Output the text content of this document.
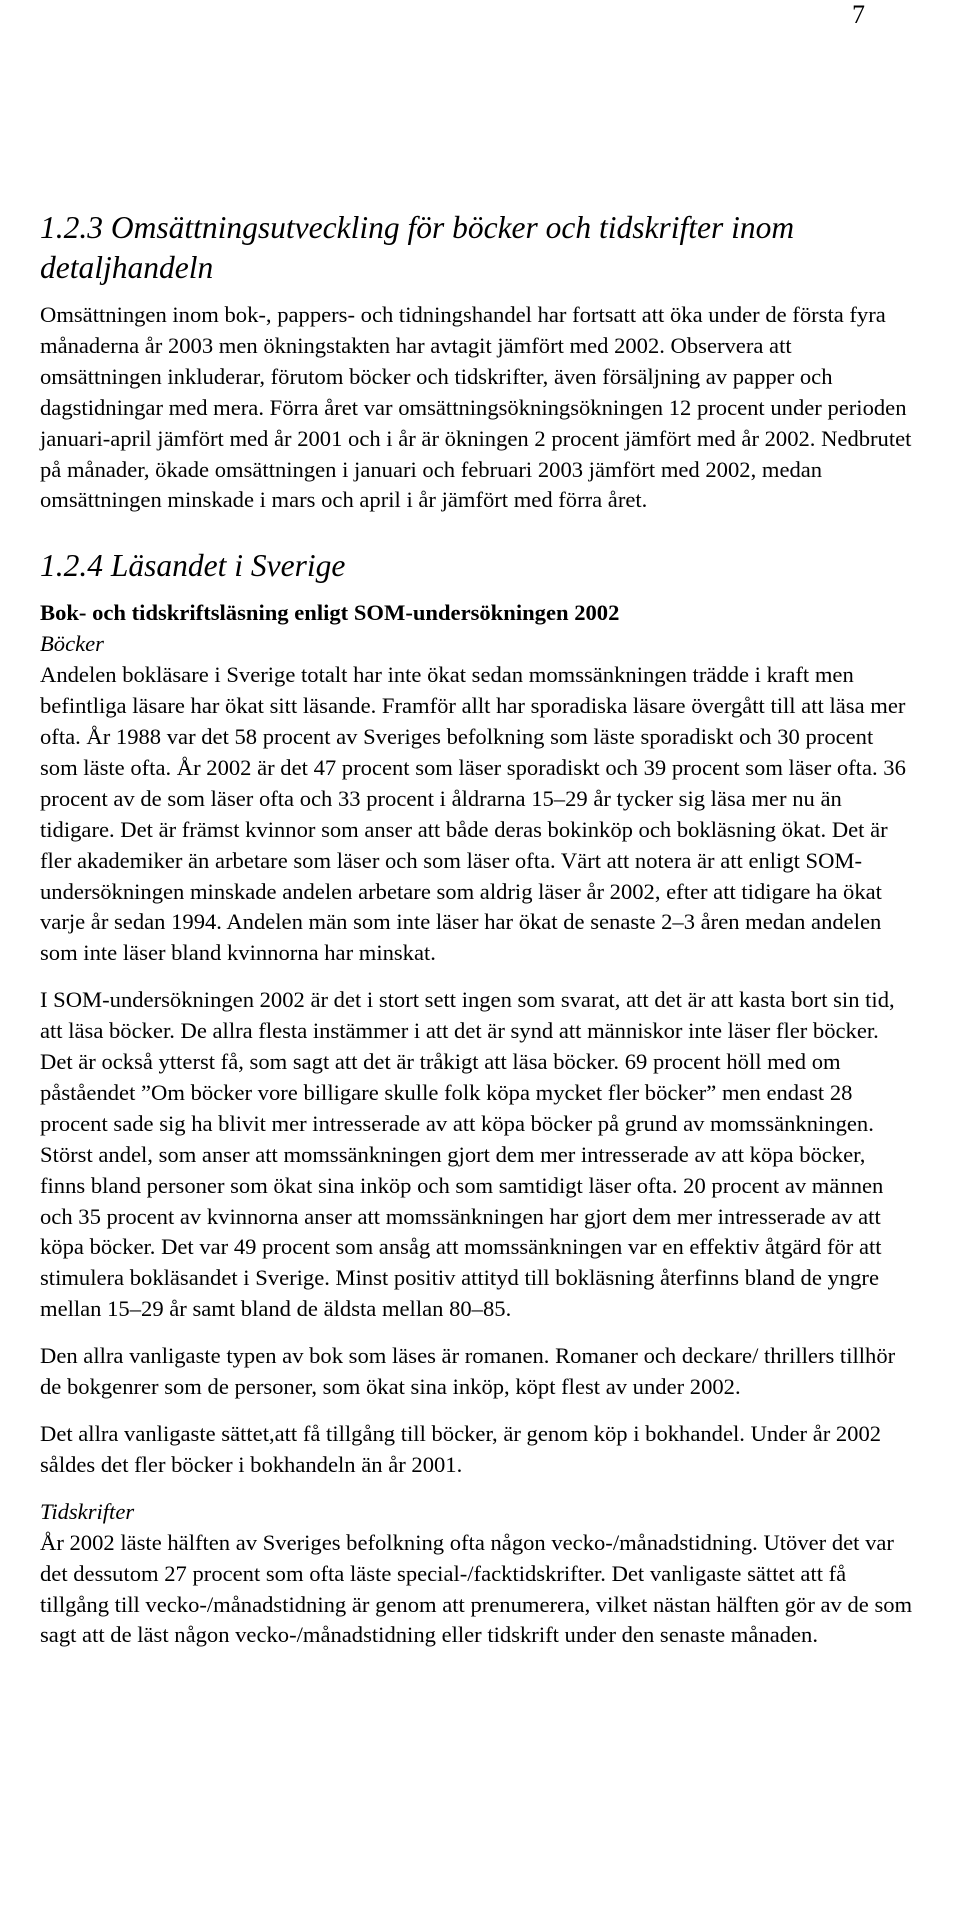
7
1.2.3 Omsättningsutveckling för böcker och tidskrifter inom detaljhandeln

Omsättningen inom bok-, pappers- och tidningshandel har fortsatt att öka under de första fyra månaderna år 2003 men ökningstakten har avtagit jämfört med 2002. Observera att omsättningen inkluderar, förutom böcker och tidskrifter, även försäljning av papper och dagstidningar med mera. Förra året var omsättningsökningsökningen 12 procent under perioden januari-april jämfört med år 2001 och i år är ökningen 2 procent jämfört med år 2002. Nedbrutet på månader, ökade omsättningen i januari och februari 2003 jämfört med 2002, medan omsättningen minskade i mars och april i år jämfört med förra året.

1.2.4 Läsandet i Sverige
Bok- och tidskriftsläsning enligt SOM-undersökningen 2002
Böcker

Andelen bokläsare i Sverige totalt har inte ökat sedan momssänkningen trädde i kraft men befintliga läsare har ökat sitt läsande. Framför allt har sporadiska läsare övergått till att läsa mer ofta. År 1988 var det 58 procent av Sveriges befolkning som läste sporadiskt och 30 procent som läste ofta. År 2002 är det 47 procent som läser sporadiskt och 39 procent som läser ofta. 36 procent av de som läser ofta och 33 procent i åldrarna 15–29 år tycker sig läsa mer nu än tidigare. Det är främst kvinnor som anser att både deras bokinköp och bokläsning ökat. Det är fler akademiker än arbetare som läser och som läser ofta. Värt att notera är att enligt SOM-undersökningen minskade andelen arbetare som aldrig läser år 2002, efter att tidigare ha ökat varje år sedan 1994. Andelen män som inte läser har ökat de senaste 2–3 åren medan andelen som inte läser bland kvinnorna har minskat.

I SOM-undersökningen 2002 är det i stort sett ingen som svarat, att det är att kasta bort sin tid, att läsa böcker. De allra flesta instämmer i att det är synd att människor inte läser fler böcker. Det är också ytterst få, som sagt att det är tråkigt att läsa böcker. 69 procent höll med om påståendet ”Om böcker vore billigare skulle folk köpa mycket fler böcker” men endast 28 procent sade sig ha blivit mer intresserade av att köpa böcker på grund av momssänkningen. Störst andel, som anser att momssänkningen gjort dem mer intresserade av att köpa böcker, finns bland personer som ökat sina inköp och som samtidigt läser ofta. 20 procent av männen och 35 procent av kvinnorna anser att momssänkningen har gjort dem mer intresserade av att köpa böcker. Det var 49 procent som ansåg att momssänkningen var en effektiv åtgärd för att stimulera bokläsandet i Sverige. Minst positiv attityd till bokläsning återfinns bland de yngre mellan 15–29 år samt bland de äldsta mellan 80–85.

Den allra vanligaste typen av bok som läses är romanen. Romaner och deckare/ thrillers tillhör de bokgenrer som de personer, som ökat sina inköp, köpt flest av under 2002.

Det allra vanligaste sättet,att få tillgång till böcker, är genom köp i bokhandel. Under år 2002 såldes det fler böcker i bokhandeln än år 2001.

Tidskrifter

År 2002 läste hälften av Sveriges befolkning ofta någon vecko-/månadstidning. Utöver det var det dessutom 27 procent som ofta läste special-/facktidskrifter. Det vanligaste sättet att få tillgång till vecko-/månadstidning är genom att prenumerera, vilket nästan hälften gör av de som sagt att de läst någon vecko-/månadstidning eller tidskrift under den senaste månaden.
